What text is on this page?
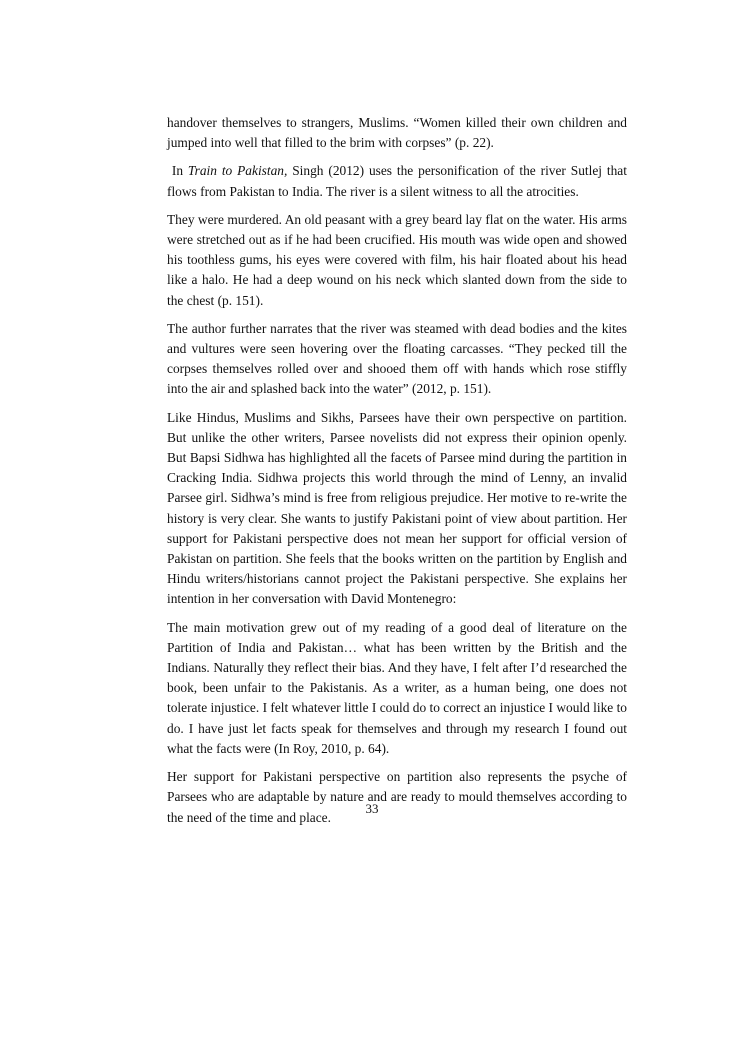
handover themselves to strangers, Muslims. “Women killed their own children and jumped into well that filled to the brim with corpses” (p. 22).

In Train to Pakistan, Singh (2012) uses the personification of the river Sutlej that flows from Pakistan to India. The river is a silent witness to all the atrocities.

They were murdered. An old peasant with a grey beard lay flat on the water. His arms were stretched out as if he had been crucified. His mouth was wide open and showed his toothless gums, his eyes were covered with film, his hair floated about his head like a halo. He had a deep wound on his neck which slanted down from the side to the chest (p. 151).

The author further narrates that the river was steamed with dead bodies and the kites and vultures were seen hovering over the floating carcasses. “They pecked till the corpses themselves rolled over and shooed them off with hands which rose stiffly into the air and splashed back into the water” (2012, p. 151).

Like Hindus, Muslims and Sikhs, Parsees have their own perspective on partition. But unlike the other writers, Parsee novelists did not express their opinion openly. But Bapsi Sidhwa has highlighted all the facets of Parsee mind during the partition in Cracking India. Sidhwa projects this world through the mind of Lenny, an invalid Parsee girl. Sidhwa’s mind is free from religious prejudice. Her motive to re-write the history is very clear. She wants to justify Pakistani point of view about partition. Her support for Pakistani perspective does not mean her support for official version of Pakistan on partition. She feels that the books written on the partition by English and Hindu writers/historians cannot project the Pakistani perspective. She explains her intention in her conversation with David Montenegro:

The main motivation grew out of my reading of a good deal of literature on the Partition of India and Pakistan… what has been written by the British and the Indians. Naturally they reflect their bias. And they have, I felt after I’d researched the book, been unfair to the Pakistanis. As a writer, as a human being, one does not tolerate injustice. I felt whatever little I could do to correct an injustice I would like to do. I have just let facts speak for themselves and through my research I found out what the facts were (In Roy, 2010, p. 64).

Her support for Pakistani perspective on partition also represents the psyche of Parsees who are adaptable by nature and are ready to mould themselves according to the need of the time and place.

33
